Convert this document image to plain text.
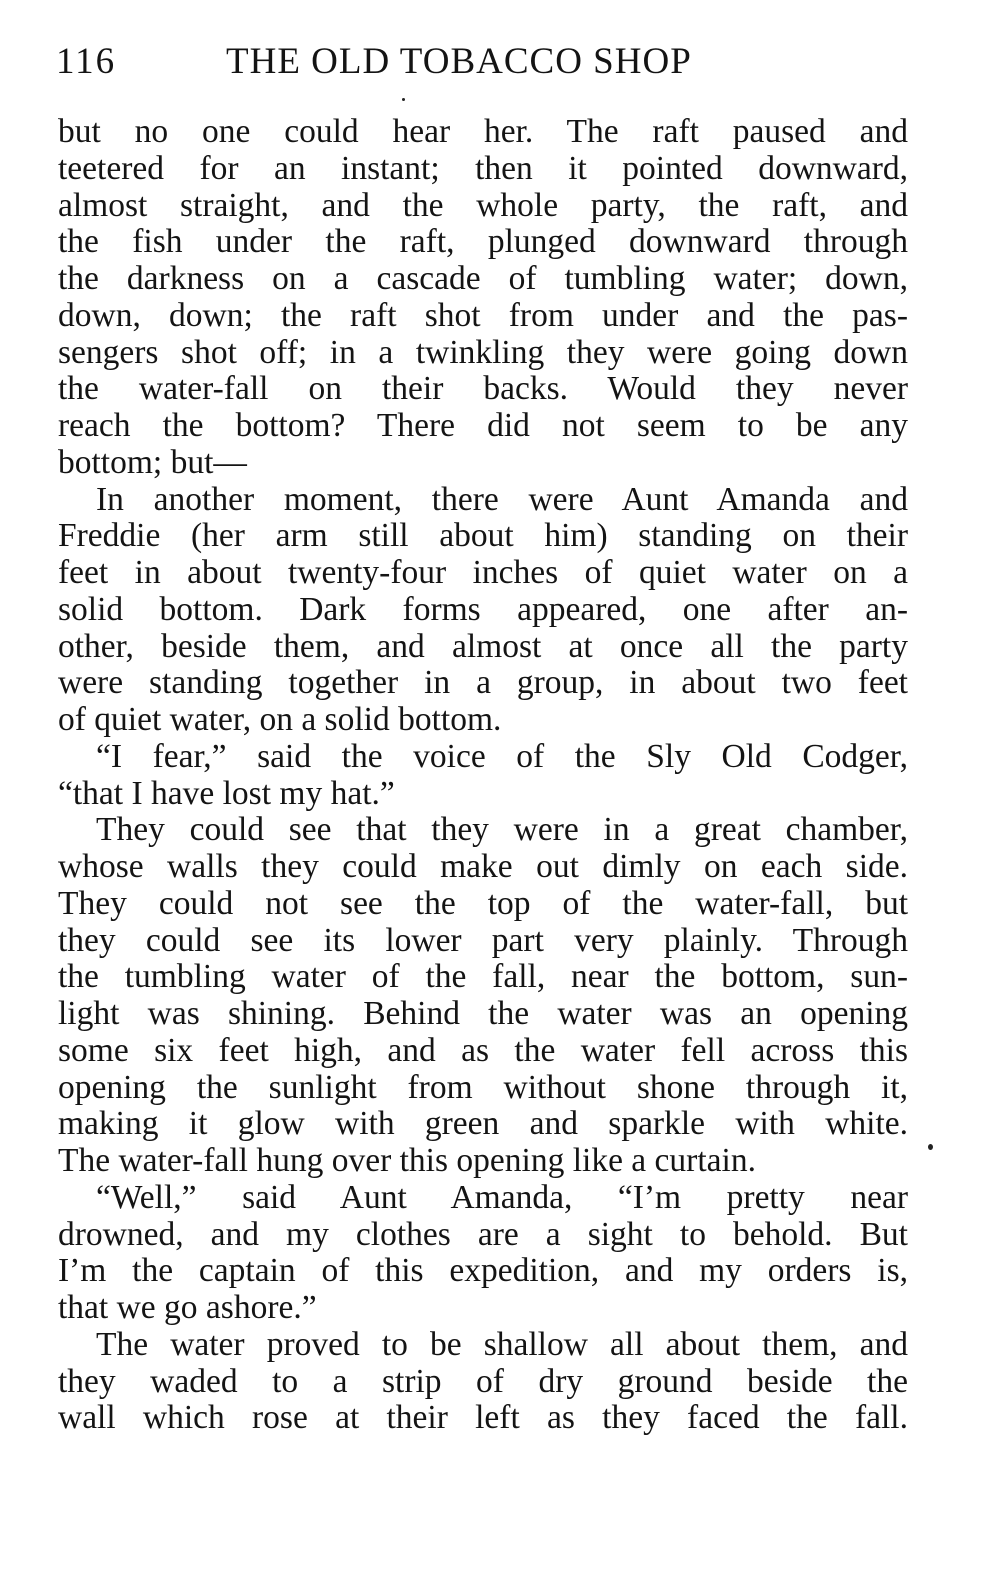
116	THE OLD TOBACCO SHOP
but no one could hear her. The raft paused and
teetered for an instant; then it pointed downward,
almost straight, and the whole party, the raft, and
the fish under the raft, plunged downward through
the darkness on a cascade of tumbling water; down,
down, down; the raft shot from under and the pas-
sengers shot off; in a twinkling they were going down
the water-fall on their backs. Would they never
reach the bottom? There did not seem to be any
bottom; but—
In another moment, there were Aunt Amanda and
Freddie (her arm still about him) standing on their
feet in about twenty-four inches of quiet water on a
solid bottom. Dark forms appeared, one after an-
other, beside them, and almost at once all the party
were standing together in a group, in about two feet
of quiet water, on a solid bottom.
“I fear,” said the voice of the Sly Old Codger,
“that I have lost my hat.”
They could see that they were in a great chamber,
whose walls they could make out dimly on each side.
They could not see the top of the water-fall, but
they could see its lower part very plainly. Through
the tumbling water of the fall, near the bottom, sun-
light was shining. Behind the water was an opening
some six feet high, and as the water fell across this
opening the sunlight from without shone through it,
making it glow with green and sparkle with white.
The water-fall hung over this opening like a curtain.
“Well,” said Aunt Amanda, “I’m pretty near
drowned, and my clothes are a sight to behold. But
I’m the captain of this expedition, and my orders is,
that we go ashore.”
The water proved to be shallow all about them, and
they waded to a strip of dry ground beside the
wall which rose at their left as they faced the fall.
